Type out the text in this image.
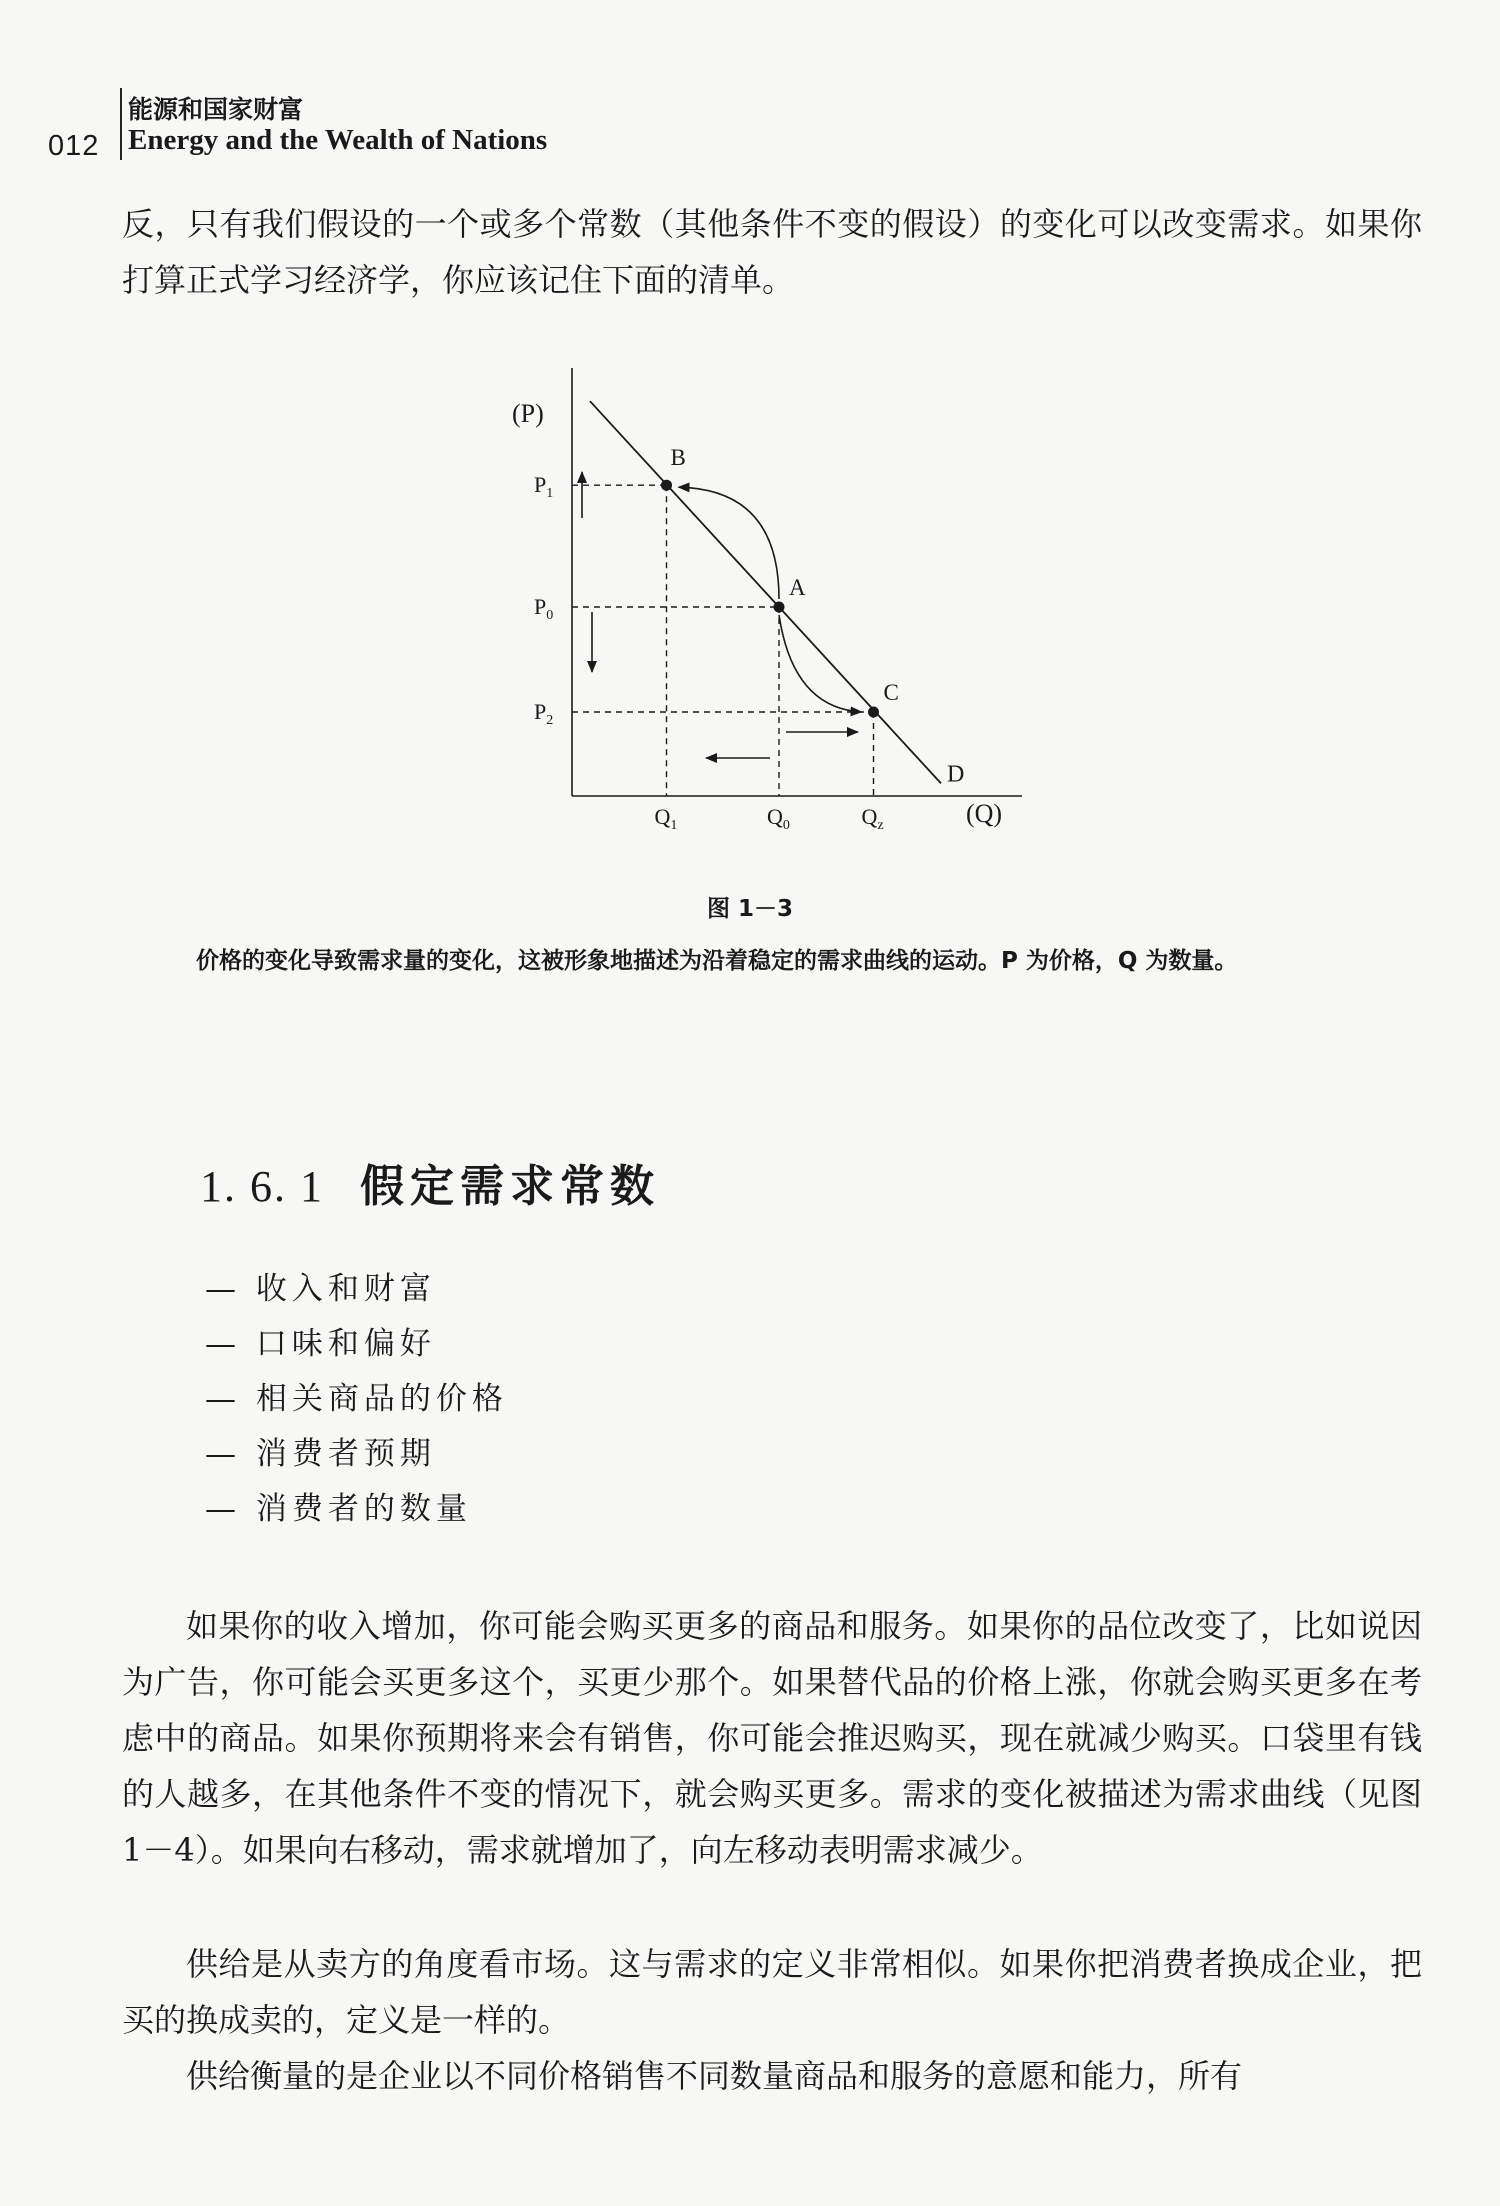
012
能源和国家财富
Energy and the Wealth of Nations

反，只有我们假设的一个或多个常数（其他条件不变的假设）的变化可以改变需求。如果你打算正式学习经济学，你应该记住下面的清单。

(P)
(Q)
D
B
A
C
$Q_1$	$Q_0$	$Q_z$
$P_1$
$P_0$
$P_2$
图 1－3

价格的变化导致需求量的变化，这被形象地描述为沿着稳定的需求曲线的运动。P 为价格，Q 为数量。

1. 6. 1 假定需求常数
— 收入和财富
— 口味和偏好
— 相关商品的价格
— 消费者预期
— 消费者的数量

如果你的收入增加，你可能会购买更多的商品和服务。如果你的品位改变了，比如说因为广告，你可能会买更多这个，买更少那个。如果替代品的价格上涨，你就会购买更多在考虑中的商品。如果你预期将来会有销售，你可能会推迟购买，现在就减少购买。口袋里有钱的人越多，在其他条件不变的情况下，就会购买更多。需求的变化被描述为需求曲线（见图 1－4）。如果向右移动，需求就增加了，向左移动表明需求减少。

供给是从卖方的角度看市场。这与需求的定义非常相似。如果你把消费者换成企业，把买的换成卖的，定义是一样的。

供给衡量的是企业以不同价格销售不同数量商品和服务的意愿和能力，所有
